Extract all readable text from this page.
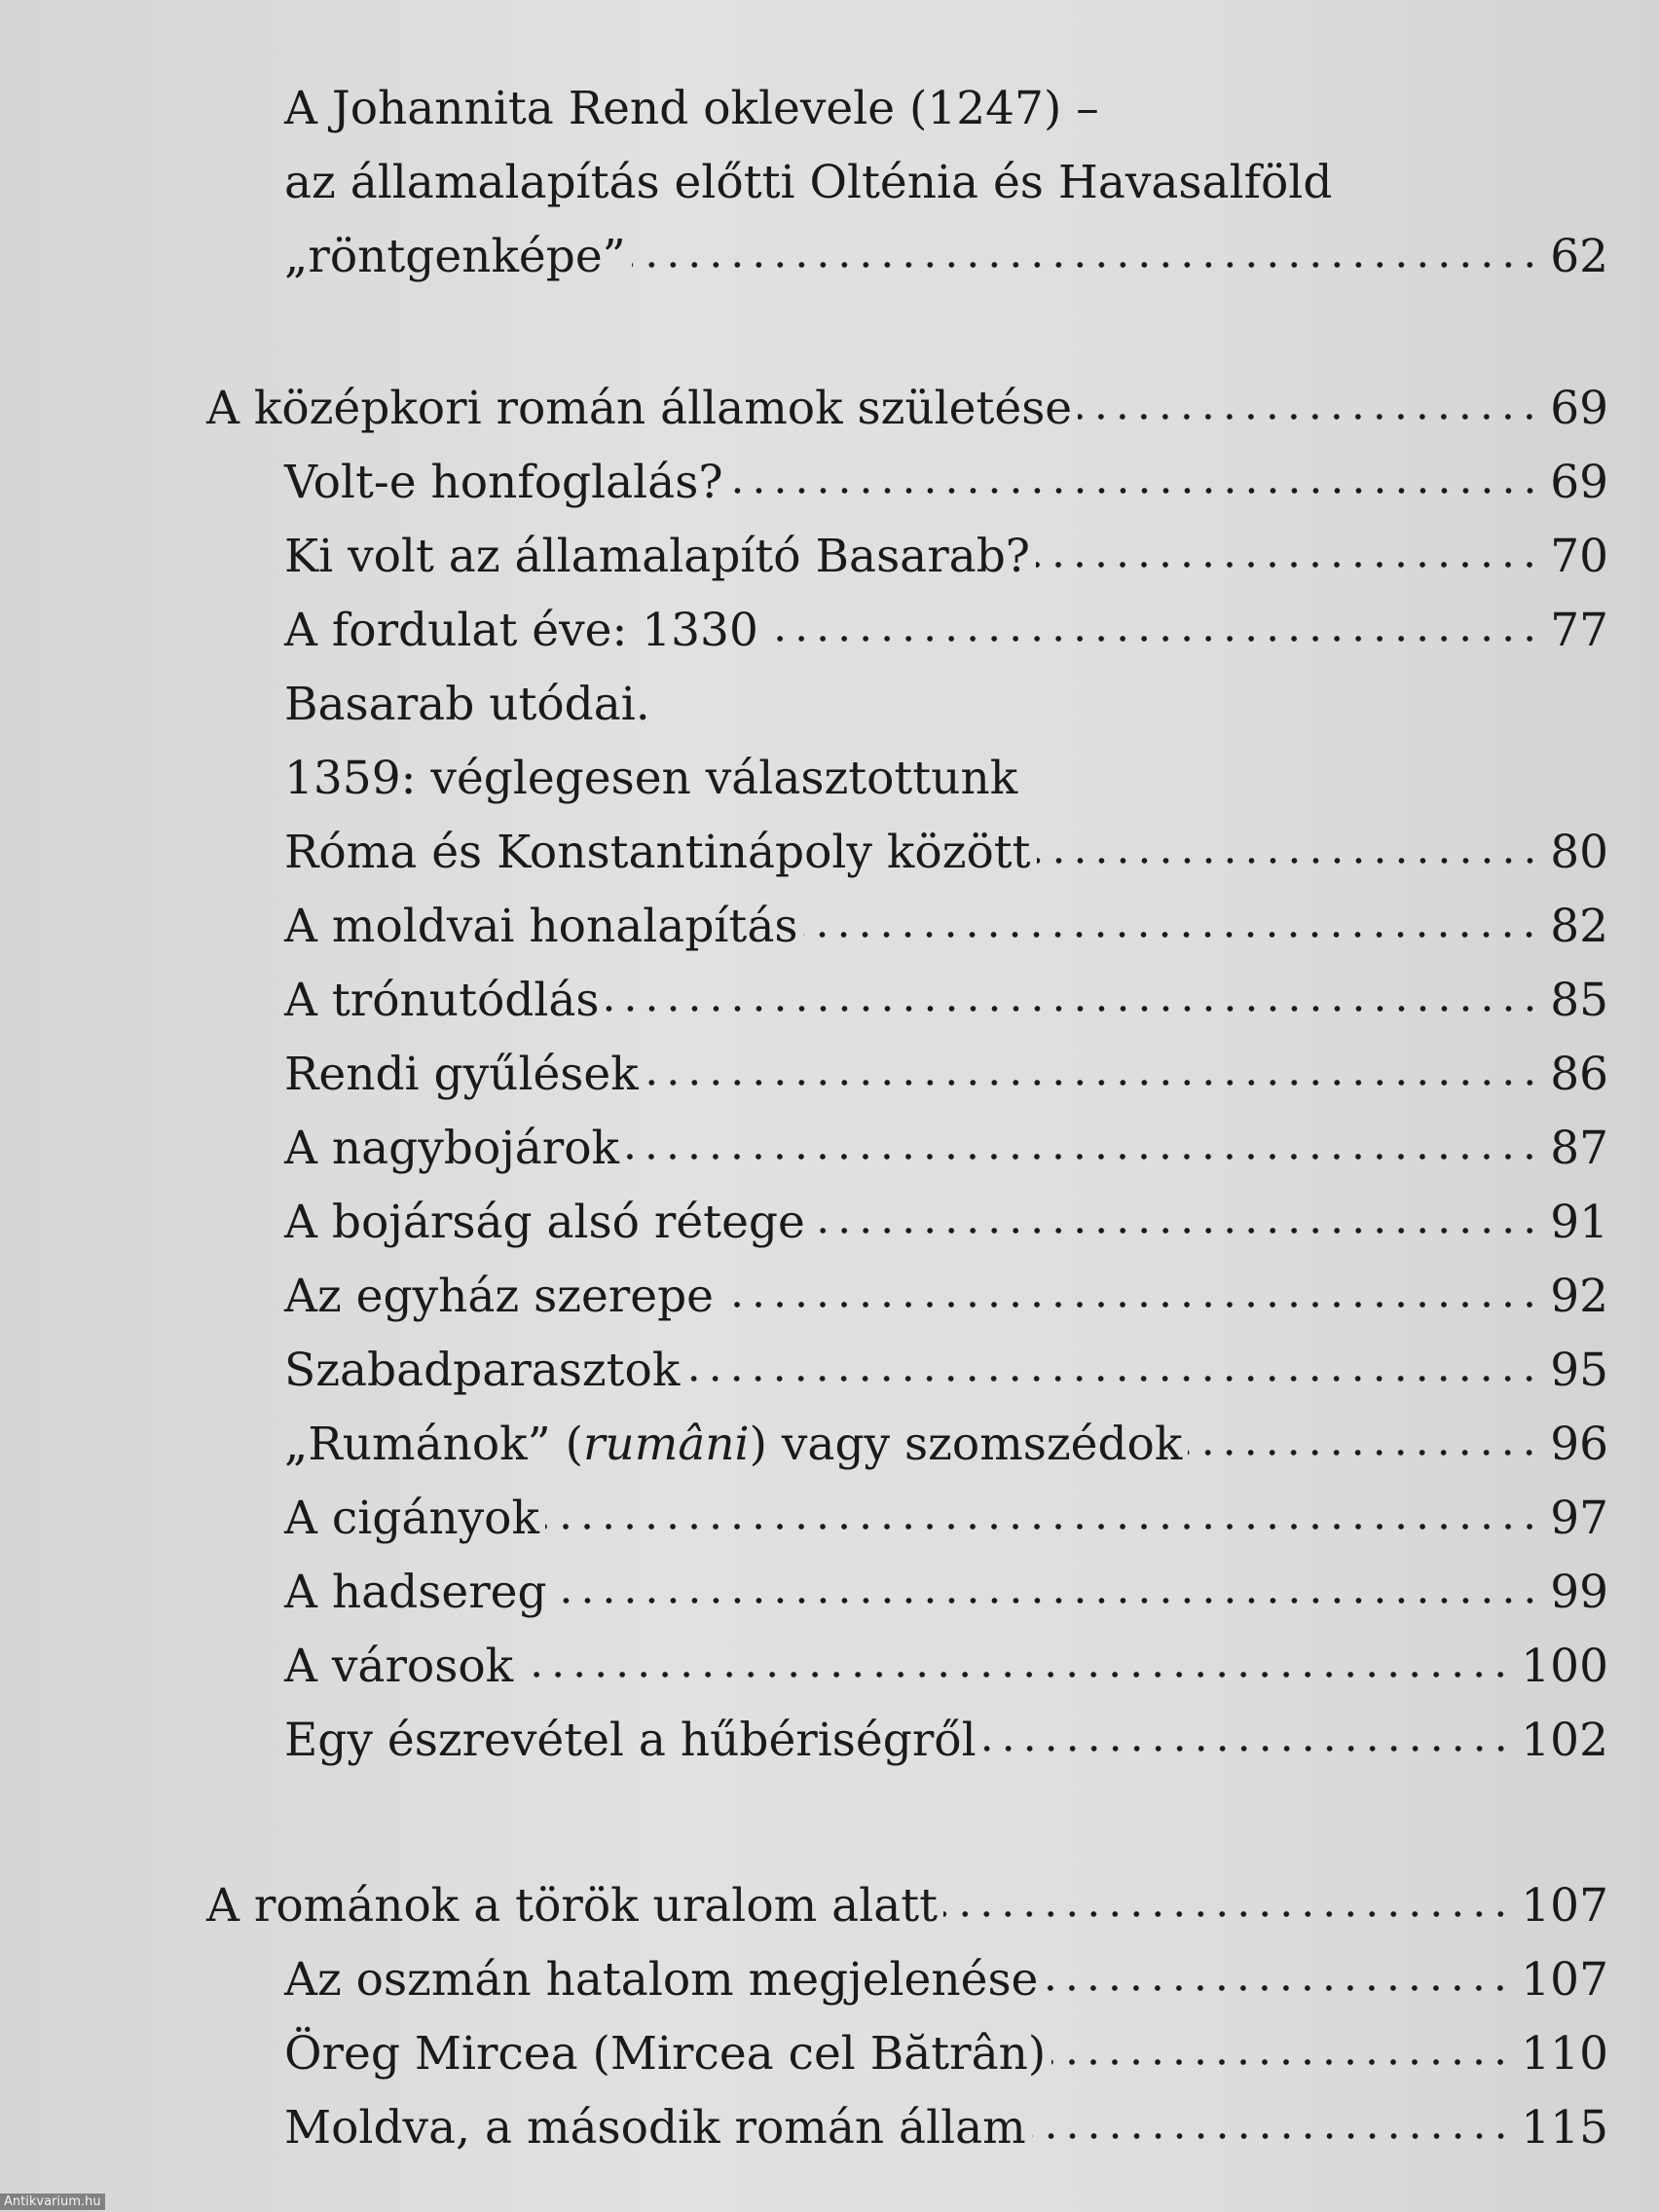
A Johannita Rend oklevele (1247) –
az államalapítás előtti Olténia és Havasalföld
„röntgenképe”	62
A középkori román államok születése	69
Volt-e honfoglalás?	69
Ki volt az államalapító Basarab?	70
A fordulat éve: 1330	77
Basarab utódai.
1359: véglegesen választottunk
Róma és Konstantinápoly között	80
A moldvai honalapítás	82
A trónutódlás	85
Rendi gyűlések	86
A nagybojárok	87
A bojárság alsó rétege	91
Az egyház szerepe	92
Szabadparasztok	95
„Rumánok” (rumâni) vagy szomszédok	96
A cigányok	97
A hadsereg	99
A városok	100
Egy észrevétel a hűbériségről	102
A románok a török uralom alatt	107
Az oszmán hatalom megjelenése	107
Öreg Mircea (Mircea cel Bătrân)	110
Moldva, a második román állam	115
Antikvarium.hu
